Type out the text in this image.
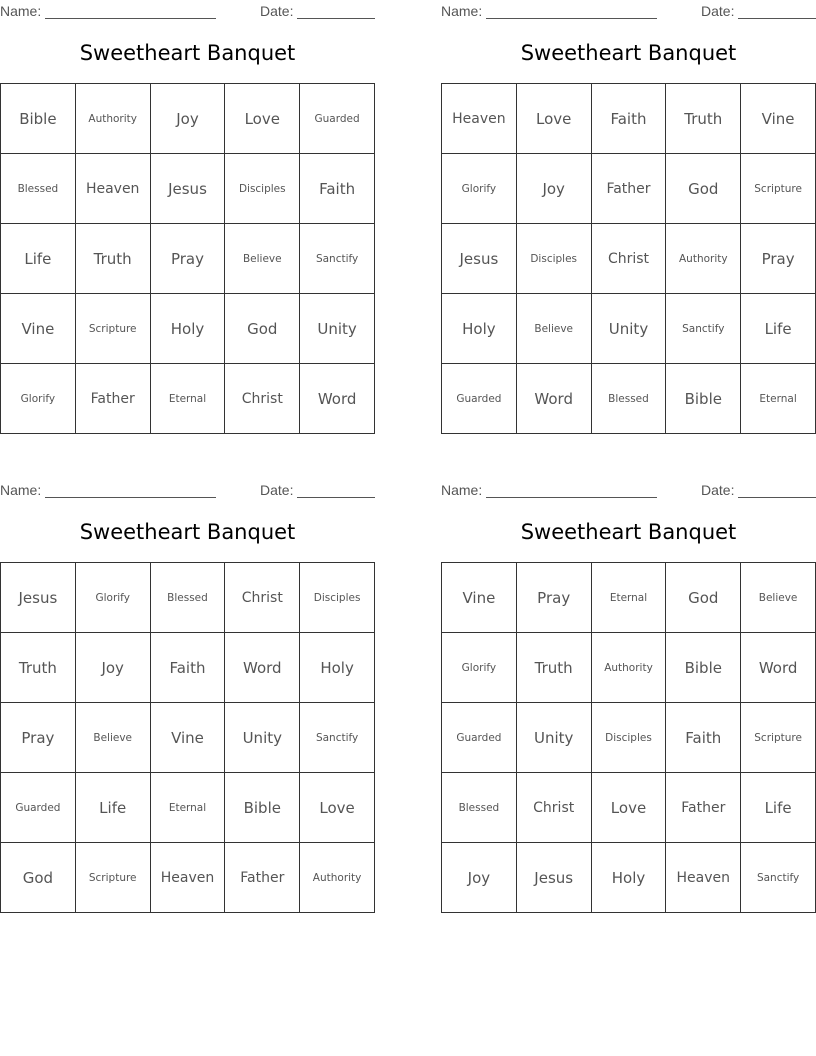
Name:	Date:
Sweetheart Banquet
Bible	Authority	Joy	Love	Guarded
Blessed	Heaven	Jesus	Disciples	Faith
Life	Truth	Pray	Believe	Sanctify
Vine	Scripture	Holy	God	Unity
Glorify	Father	Eternal	Christ	Word
Name:	Date:
Sweetheart Banquet
Heaven	Love	Faith	Truth	Vine
Glorify	Joy	Father	God	Scripture
Jesus	Disciples	Christ	Authority	Pray
Holy	Believe	Unity	Sanctify	Life
Guarded	Word	Blessed	Bible	Eternal
Name:	Date:
Sweetheart Banquet
Jesus	Glorify	Blessed	Christ	Disciples
Truth	Joy	Faith	Word	Holy
Pray	Believe	Vine	Unity	Sanctify
Guarded	Life	Eternal	Bible	Love
God	Scripture	Heaven	Father	Authority
Name:	Date:
Sweetheart Banquet
Vine	Pray	Eternal	God	Believe
Glorify	Truth	Authority	Bible	Word
Guarded	Unity	Disciples	Faith	Scripture
Blessed	Christ	Love	Father	Life
Joy	Jesus	Holy	Heaven	Sanctify
